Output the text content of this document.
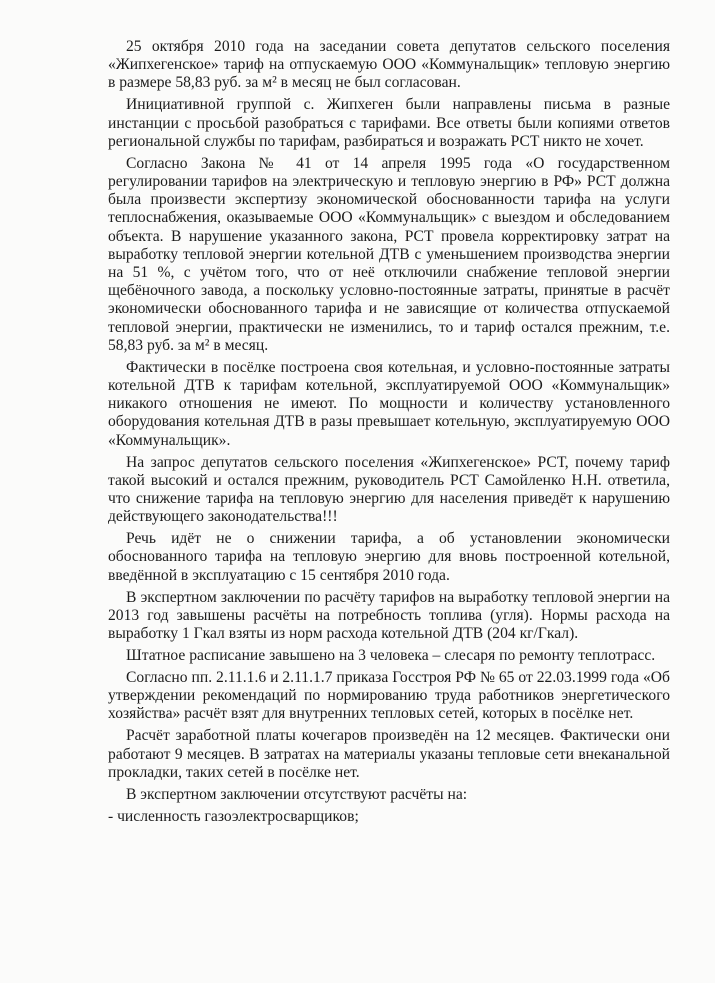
25 октября 2010 года на заседании совета депутатов сельского поселения «Жипхегенское» тариф на отпускаемую ООО «Коммунальщик» тепловую энергию в размере 58,83 руб. за м² в месяц не был согласован.

Инициативной группой с. Жипхеген были направлены письма в разные инстанции с просьбой разобраться с тарифами. Все ответы были копиями ответов региональной службы по тарифам, разбираться и возражать РСТ никто не хочет.

Согласно Закона № 41 от 14 апреля 1995 года «О государственном регулировании тарифов на электрическую и тепловую энергию в РФ» РСТ должна была произвести экспертизу экономической обоснованности тарифа на услуги теплоснабжения, оказываемые ООО «Коммунальщик» с выездом и обследованием объекта. В нарушение указанного закона, РСТ провела корректировку затрат на выработку тепловой энергии котельной ДТВ с уменьшением производства энергии на 51 %, с учётом того, что от неё отключили снабжение тепловой энергии щебёночного завода, а поскольку условно-постоянные затраты, принятые в расчёт экономически обоснованного тарифа и не зависящие от количества отпускаемой тепловой энергии, практически не изменились, то и тариф остался прежним, т.е. 58,83 руб. за м² в месяц.

Фактически в посёлке построена своя котельная, и условно-постоянные затраты котельной ДТВ к тарифам котельной, эксплуатируемой ООО «Коммунальщик» никакого отношения не имеют. По мощности и количеству установленного оборудования котельная ДТВ в разы превышает котельную, эксплуатируемую ООО «Коммунальщик».

На запрос депутатов сельского поселения «Жипхегенское» РСТ, почему тариф такой высокий и остался прежним, руководитель РСТ Самойленко Н.Н. ответила, что снижение тарифа на тепловую энергию для населения приведёт к нарушению действующего законодательства!!!

Речь идёт не о снижении тарифа, а об установлении экономически обоснованного тарифа на тепловую энергию для вновь построенной котельной, введённой в эксплуатацию с 15 сентября 2010 года.

В экспертном заключении по расчёту тарифов на выработку тепловой энергии на 2013 год завышены расчёты на потребность топлива (угля). Нормы расхода на выработку 1 Гкал взяты из норм расхода котельной ДТВ (204 кг/Гкал).

Штатное расписание завышено на 3 человека – слесаря по ремонту теплотрасс.

Согласно пп. 2.11.1.6 и 2.11.1.7 приказа Госстроя РФ № 65 от 22.03.1999 года «Об утверждении рекомендаций по нормированию труда работников энергетического хозяйства» расчёт взят для внутренних тепловых сетей, которых в посёлке нет.

Расчёт заработной платы кочегаров произведён на 12 месяцев. Фактически они работают 9 месяцев. В затратах на материалы указаны тепловые сети внеканальной прокладки, таких сетей в посёлке нет.

В экспертном заключении отсутствуют расчёты на:

- численность газоэлектросварщиков;
